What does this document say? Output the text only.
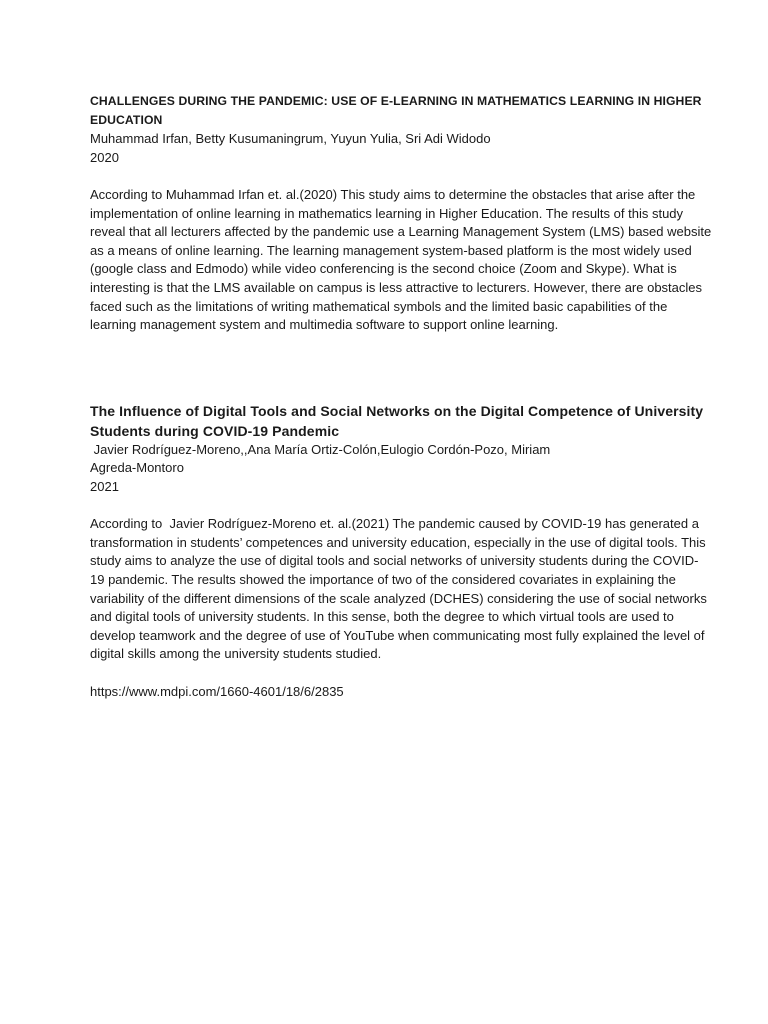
CHALLENGES DURING THE PANDEMIC: USE OF E-LEARNING IN MATHEMATICS LEARNING IN HIGHER EDUCATION

Muhammad Irfan, Betty Kusumaningrum, Yuyun Yulia, Sri Adi Widodo

2020

According to Muhammad Irfan et. al.(2020) This study aims to determine the obstacles that arise after the implementation of online learning in mathematics learning in Higher Education. The results of this study reveal that all lecturers affected by the pandemic use a Learning Management System (LMS) based website as a means of online learning. The learning management system-based platform is the most widely used (google class and Edmodo) while video conferencing is the second choice (Zoom and Skype). What is interesting is that the LMS available on campus is less attractive to lecturers. However, there are obstacles faced such as the limitations of writing mathematical symbols and the limited basic capabilities of the learning management system and multimedia software to support online learning.

The Influence of Digital Tools and Social Networks on the Digital Competence of University Students during COVID-19 Pandemic

Javier Rodríguez-Moreno,,Ana María Ortiz-Colón,Eulogio Cordón-Pozo, Miriam Agreda-Montoro

2021

According to  Javier Rodríguez-Moreno et. al.(2021) The pandemic caused by COVID-19 has generated a transformation in students’ competences and university education, especially in the use of digital tools. This study aims to analyze the use of digital tools and social networks of university students during the COVID-19 pandemic. The results showed the importance of two of the considered covariates in explaining the variability of the different dimensions of the scale analyzed (DCHES) considering the use of social networks and digital tools of university students. In this sense, both the degree to which virtual tools are used to develop teamwork and the degree of use of YouTube when communicating most fully explained the level of digital skills among the university students studied.

https://www.mdpi.com/1660-4601/18/6/2835
